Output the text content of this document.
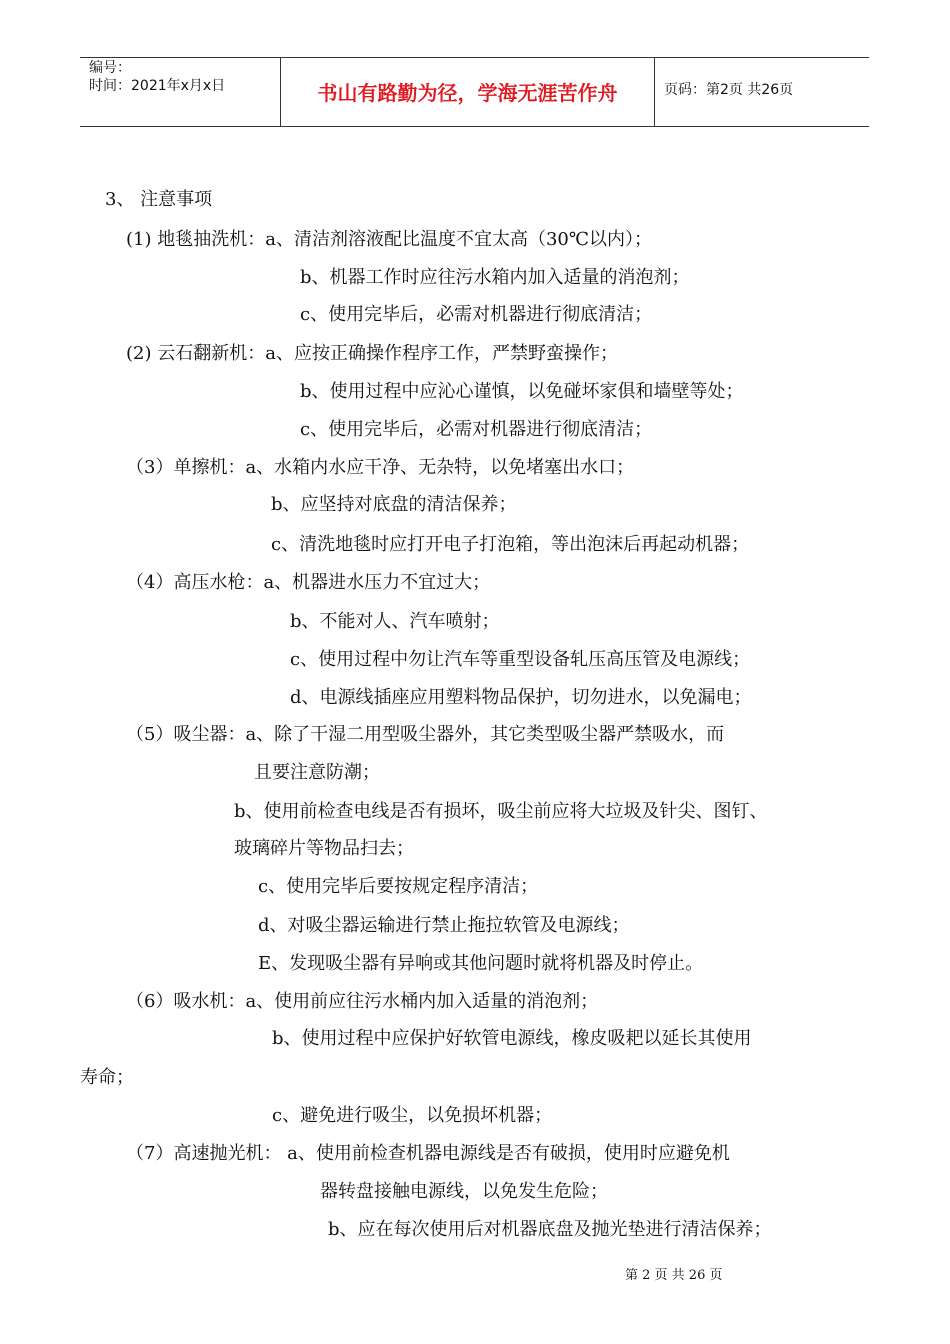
编号：
时间：2021年x月x日	书山有路勤为径，学海无涯苦作舟	页码：第2页 共26页
3、 注意事项
(1) 地毯抽洗机：a、清洁剂溶液配比温度不宜太高（30℃以内）；
b、机器工作时应往污水箱内加入适量的消泡剂；
c、使用完毕后，必需对机器进行彻底清洁；
(2) 云石翻新机：a、应按正确操作程序工作，严禁野蛮操作；
b、使用过程中应沁心谨慎，以免碰坏家俱和墙壁等处；
c、使用完毕后，必需对机器进行彻底清洁；
（3）单擦机：a、水箱内水应干净、无杂特，以免堵塞出水口；
b、应坚持对底盘的清洁保养；
c、清洗地毯时应打开电子打泡箱，等出泡沫后再起动机器；
（4）高压水枪：a、机器进水压力不宜过大；
b、不能对人、汽车喷射；
c、使用过程中勿让汽车等重型设备轧压高压管及电源线；
d、电源线插座应用塑料物品保护，切勿进水，以免漏电；
（5）吸尘器：a、除了干湿二用型吸尘器外，其它类型吸尘器严禁吸水，而
且要注意防潮；
b、使用前检查电线是否有损坏，吸尘前应将大垃圾及针尖、图钉、
玻璃碎片等物品扫去；
c、使用完毕后要按规定程序清洁；
d、对吸尘器运输进行禁止拖拉软管及电源线；
E、发现吸尘器有异响或其他问题时就将机器及时停止。
（6）吸水机：a、使用前应往污水桶内加入适量的消泡剂；
b、使用过程中应保护好软管电源线，橡皮吸耙以延长其使用
寿命；
c、避免进行吸尘，以免损坏机器；
（7）高速抛光机： a、使用前检查机器电源线是否有破损，使用时应避免机
器转盘接触电源线，以免发生危险；
b、应在每次使用后对机器底盘及抛光垫进行清洁保养；
第 2 页 共 26 页
